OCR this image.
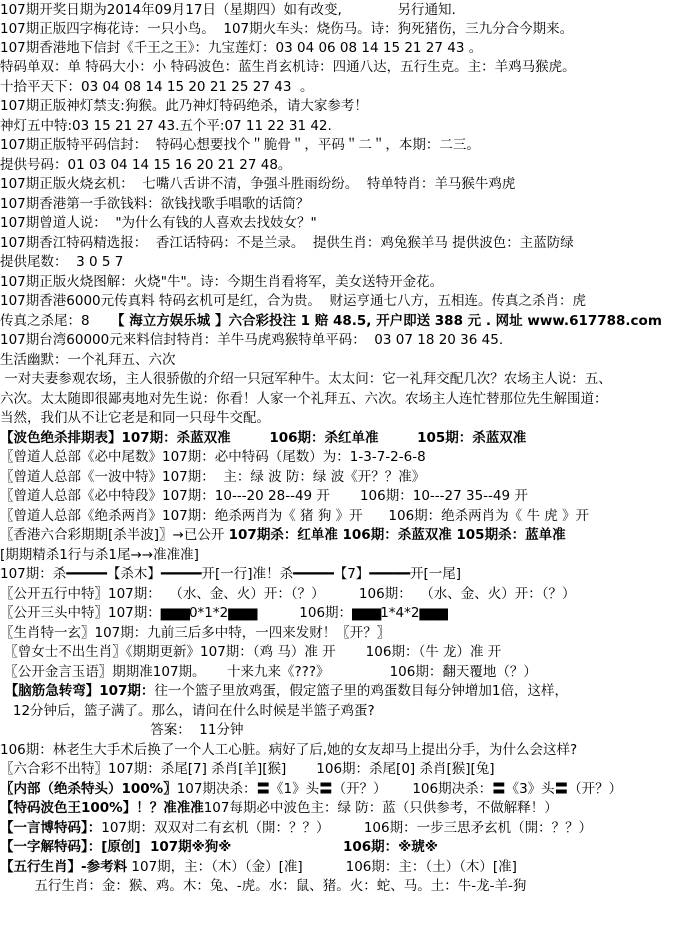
107期开奖日期为2014年09月17日（星期四）如有改变,             另行通知.
107期正版四字梅花诗：一只小鸟。  107期火车头：烧伤马。诗：狗死猪伤，三九分合今期来。
107期香港地下信封《千王之王》：九宝莲灯：03 04 06 08 14 15 21 27 43 。
特码单双：单 特码大小：小 特码波色：蓝生肖玄机诗：四通八达，五行生克。主：羊鸡马猴虎。
十拾平天下：03 04 08 14 15 20 21 25 27 43  。
107期正版神灯禁支:狗猴。此乃神灯特码绝杀，请大家参考！
神灯五中特:03 15 21 27 43.五个平:07 11 22 31 42.
107期正版特平码信封：  特码心想要找个＂脆骨＂，平码＂二＂，本期：二三。
提供号码：01 03 04 14 15 16 20 21 27 48。
107期正版火烧玄机：  七嘴八舌讲不清，争强斗胜雨纷纷。  特单特肖：羊马猴牛鸡虎
107期香港第一手欲钱料：欲钱找歌手唱歌的话筒？
107期曾道人说：  "为什么有钱的人喜欢去找妓女？"
107期香江特码精选报：  香江话特码：不是兰录。  提供生肖：鸡兔猴羊马 提供波色：主蓝防绿
提供尾数：  3 0 5 7
107期正版火烧图解：火烧"牛"。诗：今期生肖看将军，美女送特开金花。
107期香港6000元传真料 特码玄机可是红，合为贵。  财运亨通七八方，五相连。传真之杀肖：虎
传真之杀尾：8     【 海立方娱乐城 】六合彩投注 1 赔 48.5, 开户即送 388 元 . 网址 www.617788.com
107期台湾60000元来料信封特肖：羊牛马虎鸡猴特单平码：  03 07 18 20 36 45.
生活幽默：一个礼拜五、六次
一对夫妻参观农场，主人很骄傲的介绍一只冠军种牛。太太问：它一礼拜交配几次？农场主人说：五、
六次。太太随即很鄙夷地对先生说：你看！人家一个礼拜五、六次。农场主人连忙替那位先生解围道：
当然，我们从不让它老是和同一只母牛交配。
【波色绝杀排期表】107期：杀蓝双准	106期：杀红单准	105期：杀蓝双准
〖曾道人总部《必中尾数》107期：必中特码（尾数）为：1-3-7-2-6-8
〖曾道人总部《一波中特》107期：  主：绿 波 防：绿 波《开？？准》
〖曾道人总部《必中特段》107期：10---20 28--49 开       106期：10---27 35--49 开
〖曾道人总部《绝杀两肖》107期：绝杀两肖为《 猪 狗 》开      106期：绝杀两肖为《 牛 虎 》开
〖香港六合彩期期[杀半波]〗→已公开 107期杀：红单准 106期：杀蓝双准 105期杀：蓝单准
[期期精杀1行与杀1尾→→准准准]
107期：杀━━━━━【杀木】━━━━━开[一行]准！杀━━━━━【7】━━━━━开[一尾]
〖公开五行中特〗107期：  （水、金、火）开：（？）        106期：  （水、金、火）开：（？）
〖公开三头中特〗107期：▆▆▆0*1*2▆▆▆          106期：▆▆▆1*4*2▆▆▆
〖生肖特一玄〗107期：九前三后多中特，一四来发财！〖开？〗
〖曾女士不出生肖〗《期期更新》107期：（鸡 马）准 开       106期：（牛 龙）准 开
〖公开金言玉语〗期期准107期。     十来九来《???》              106期：翻天覆地（？）
【脑筋急转弯】107期：往一个篮子里放鸡蛋，假定篮子里的鸡蛋数目每分钟增加1倍，这样，
12分钟后，篮子满了。那么，请问在什么时候是半篮子鸡蛋?
答案：  11分钟
106期：林老生大手术后换了一个人工心脏。病好了后,她的女友却马上提出分手，为什么会这样?
〖六合彩不出特〗107期：杀尾[7] 杀肖[羊][猴]       106期：杀尾[0] 杀肖[猴][兔]
〖内部（绝杀特头）100%〗107期决杀：〓《1》头〓（开？）      106期决杀：〓《3》头〓（开？）
【特码波色王100%】！？准准准107每期必中波色主：绿 防：蓝（只供参考，不做解释！）
【一言博特码】：107期：双双对二有玄机（開：？？）        106期：一步三思矛玄机（開：？？）
【一字解特码】：[原创]  107期※狗※	106期：※琥※
【五行生肖】-参考料 107期，主：（木）（金）[准]          106期：主：（土）（木）[准]
五行生肖：金：猴、鸡。木：兔、-虎。水：鼠、猪。火：蛇、马。土：牛-龙-羊-狗
